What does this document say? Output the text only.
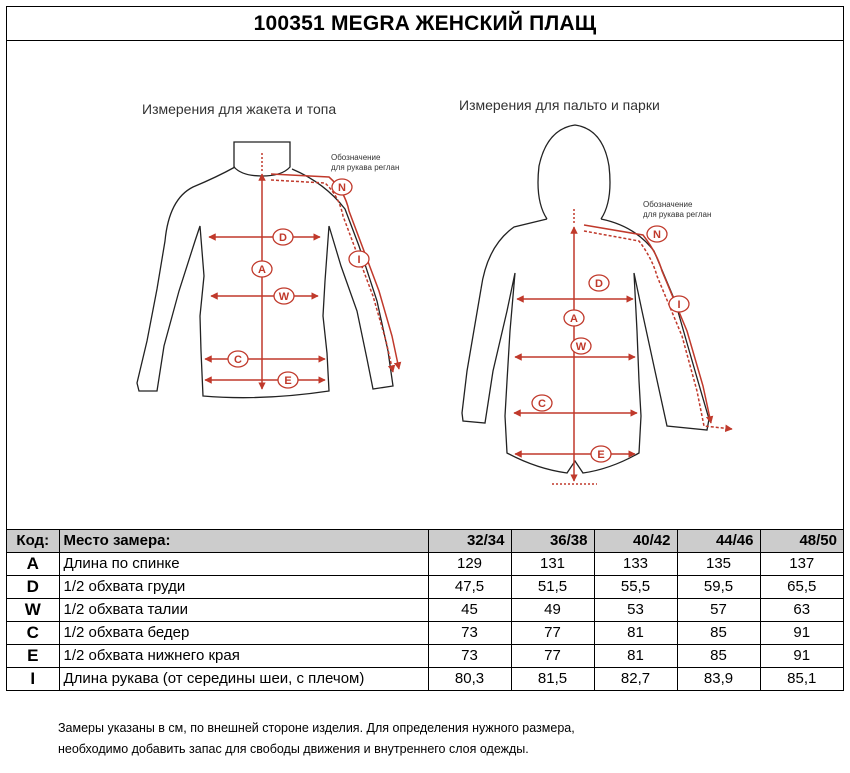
100351 MEGRA ЖЕНСКИЙ ПЛАЩ
Измерения для жакета и топа	Измерения для пальто и парки
Обозначение
для рукава реглан
Обозначение
для рукава реглан
D
A
W
C
E
N
I
D
A
W
C
E
N
I
Код:	Место замера:	32/34	36/38	40/42	44/46	48/50
A	Длина по спинке	129	131	133	135	137
D	1/2 обхвата груди	47,5	51,5	55,5	59,5	65,5
W	1/2 обхвата талии	45	49	53	57	63
C	1/2 обхвата бедер	73	77	81	85	91
E	1/2 обхвата нижнего края	73	77	81	85	91
I	Длина рукава (от середины шеи, с плечом)	80,3	81,5	82,7	83,9	85,1
Замеры указаны в см, по внешней стороне изделия. Для определения нужного размера,
необходимо добавить запас для свободы движения и внутреннего слоя одежды.
